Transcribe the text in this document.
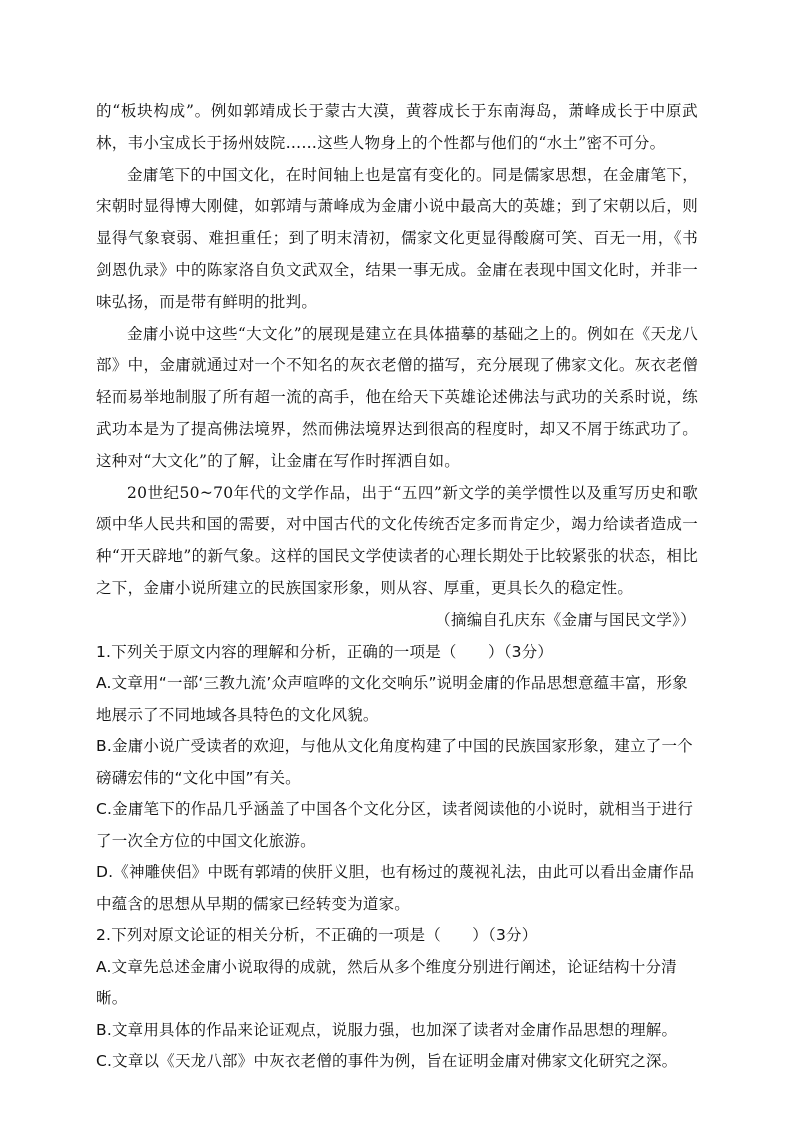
的“板块构成”。例如郭靖成长于蒙古大漠，黄蓉成长于东南海岛，萧峰成长于中原武林，韦小宝成长于扬州妓院……这些人物身上的个性都与他们的“水土”密不可分。

金庸笔下的中国文化，在时间轴上也是富有变化的。同是儒家思想，在金庸笔下，宋朝时显得博大刚健，如郭靖与萧峰成为金庸小说中最高大的英雄；到了宋朝以后，则显得气象衰弱、难担重任；到了明末清初，儒家文化更显得酸腐可笑、百无一用，《书剑恩仇录》中的陈家洛自负文武双全，结果一事无成。金庸在表现中国文化时，并非一味弘扬，而是带有鲜明的批判。

金庸小说中这些“大文化”的展现是建立在具体描摹的基础之上的。例如在《天龙八部》中，金庸就通过对一个不知名的灰衣老僧的描写，充分展现了佛家文化。灰衣老僧轻而易举地制服了所有超一流的高手，他在给天下英雄论述佛法与武功的关系时说，练武功本是为了提高佛法境界，然而佛法境界达到很高的程度时，却又不屑于练武功了。这种对“大文化”的了解，让金庸在写作时挥洒自如。

20世纪50~70年代的文学作品，出于“五四”新文学的美学惯性以及重写历史和歌颂中华人民共和国的需要，对中国古代的文化传统否定多而肯定少，竭力给读者造成一种“开天辟地”的新气象。这样的国民文学使读者的心理长期处于比较紧张的状态，相比之下，金庸小说所建立的民族国家形象，则从容、厚重，更具长久的稳定性。

（摘编自孔庆东《金庸与国民文学》）

1.下列关于原文内容的理解和分析，正确的一项是（　　）（3分）

A.文章用“一部‘三教九流’众声喧哗的文化交响乐”说明金庸的作品思想意蕴丰富，形象地展示了不同地域各具特色的文化风貌。
B.金庸小说广受读者的欢迎，与他从文化角度构建了中国的民族国家形象，建立了一个磅礴宏伟的“文化中国”有关。
C.金庸笔下的作品几乎涵盖了中国各个文化分区，读者阅读他的小说时，就相当于进行了一次全方位的中国文化旅游。
D.《神雕侠侣》中既有郭靖的侠肝义胆，也有杨过的蔑视礼法，由此可以看出金庸作品中蕴含的思想从早期的儒家已经转变为道家。

2.下列对原文论证的相关分析，不正确的一项是（　　）（3分）

A.文章先总述金庸小说取得的成就，然后从多个维度分别进行阐述，论证结构十分清晰。
B.文章用具体的作品来论证观点，说服力强，也加深了读者对金庸作品思想的理解。
C.文章以《天龙八部》中灰衣老僧的事件为例，旨在证明金庸对佛家文化研究之深。
